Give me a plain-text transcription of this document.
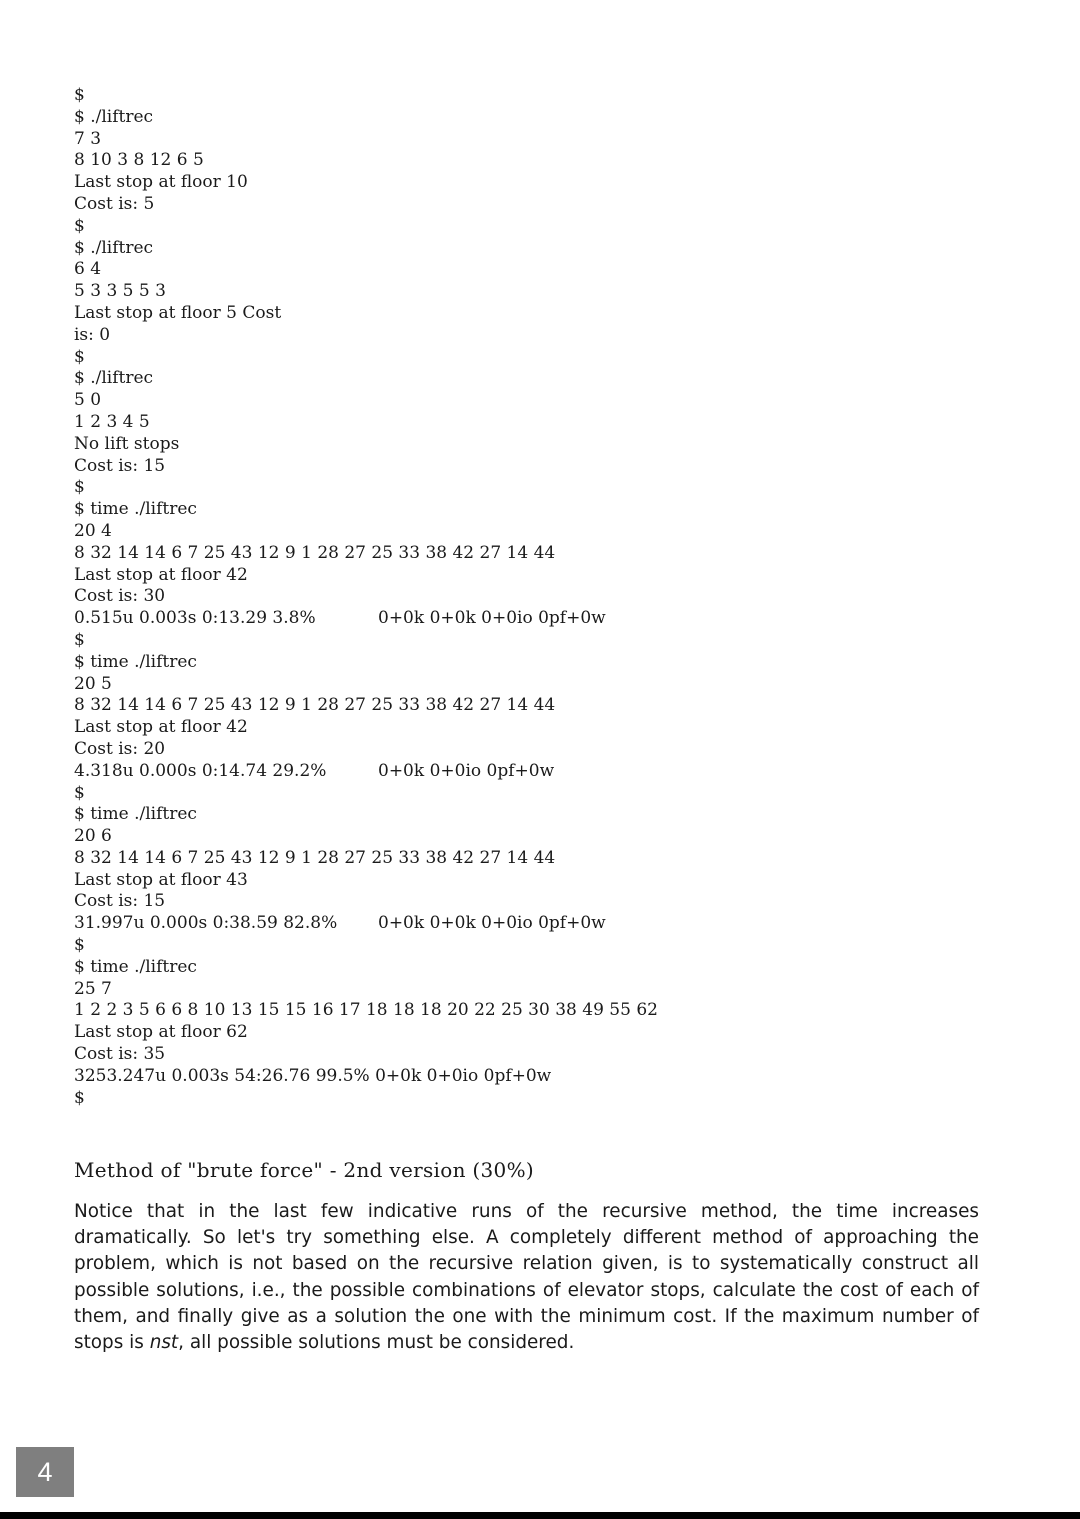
$
$ ./liftrec
7 3
8 10 3 8 12 6 5
Last stop at floor 10
Cost is: 5
$
$ ./liftrec
6 4
5 3 3 5 5 3
Last stop at floor 5 Cost
is: 0
$
$ ./liftrec
5 0
1 2 3 4 5
No lift stops
Cost is: 15
$
$ time ./liftrec
20 4
8 32 14 14 6 7 25 43 12 9 1 28 27 25 33 38 42 27 14 44
Last stop at floor 42
Cost is: 30
0.515u 0.003s 0:13.29 3.8%	0+0k 0+0k 0+0io 0pf+0w
$
$ time ./liftrec
20 5
8 32 14 14 6 7 25 43 12 9 1 28 27 25 33 38 42 27 14 44
Last stop at floor 42
Cost is: 20
4.318u 0.000s 0:14.74 29.2%	0+0k 0+0io 0pf+0w
$
$ time ./liftrec
20 6
8 32 14 14 6 7 25 43 12 9 1 28 27 25 33 38 42 27 14 44
Last stop at floor 43
Cost is: 15
31.997u 0.000s 0:38.59 82.8% 0+0k 0+0k 0+0io 0pf+0w
$
$ time ./liftrec
25 7
1 2 2 3 5 6 6 8 10 13 15 15 16 17 18 18 18 20 22 25 30 38 49 55 62
Last stop at floor 62
Cost is: 35
3253.247u 0.003s 54:26.76 99.5% 0+0k 0+0io 0pf+0w
$
Method of "brute force" - 2nd version (30%)

Notice that in the last few indicative runs of the recursive method, the time increases dramatically. So let's try something else. A completely different method of approaching the problem, which is not based on the recursive relation given, is to systematically construct all possible solutions, i.e., the possible combinations of elevator stops, calculate the cost of each of them, and finally give as a solution the one with the minimum cost. If the maximum number of stops is nst, all possible solutions must be considered.

4
